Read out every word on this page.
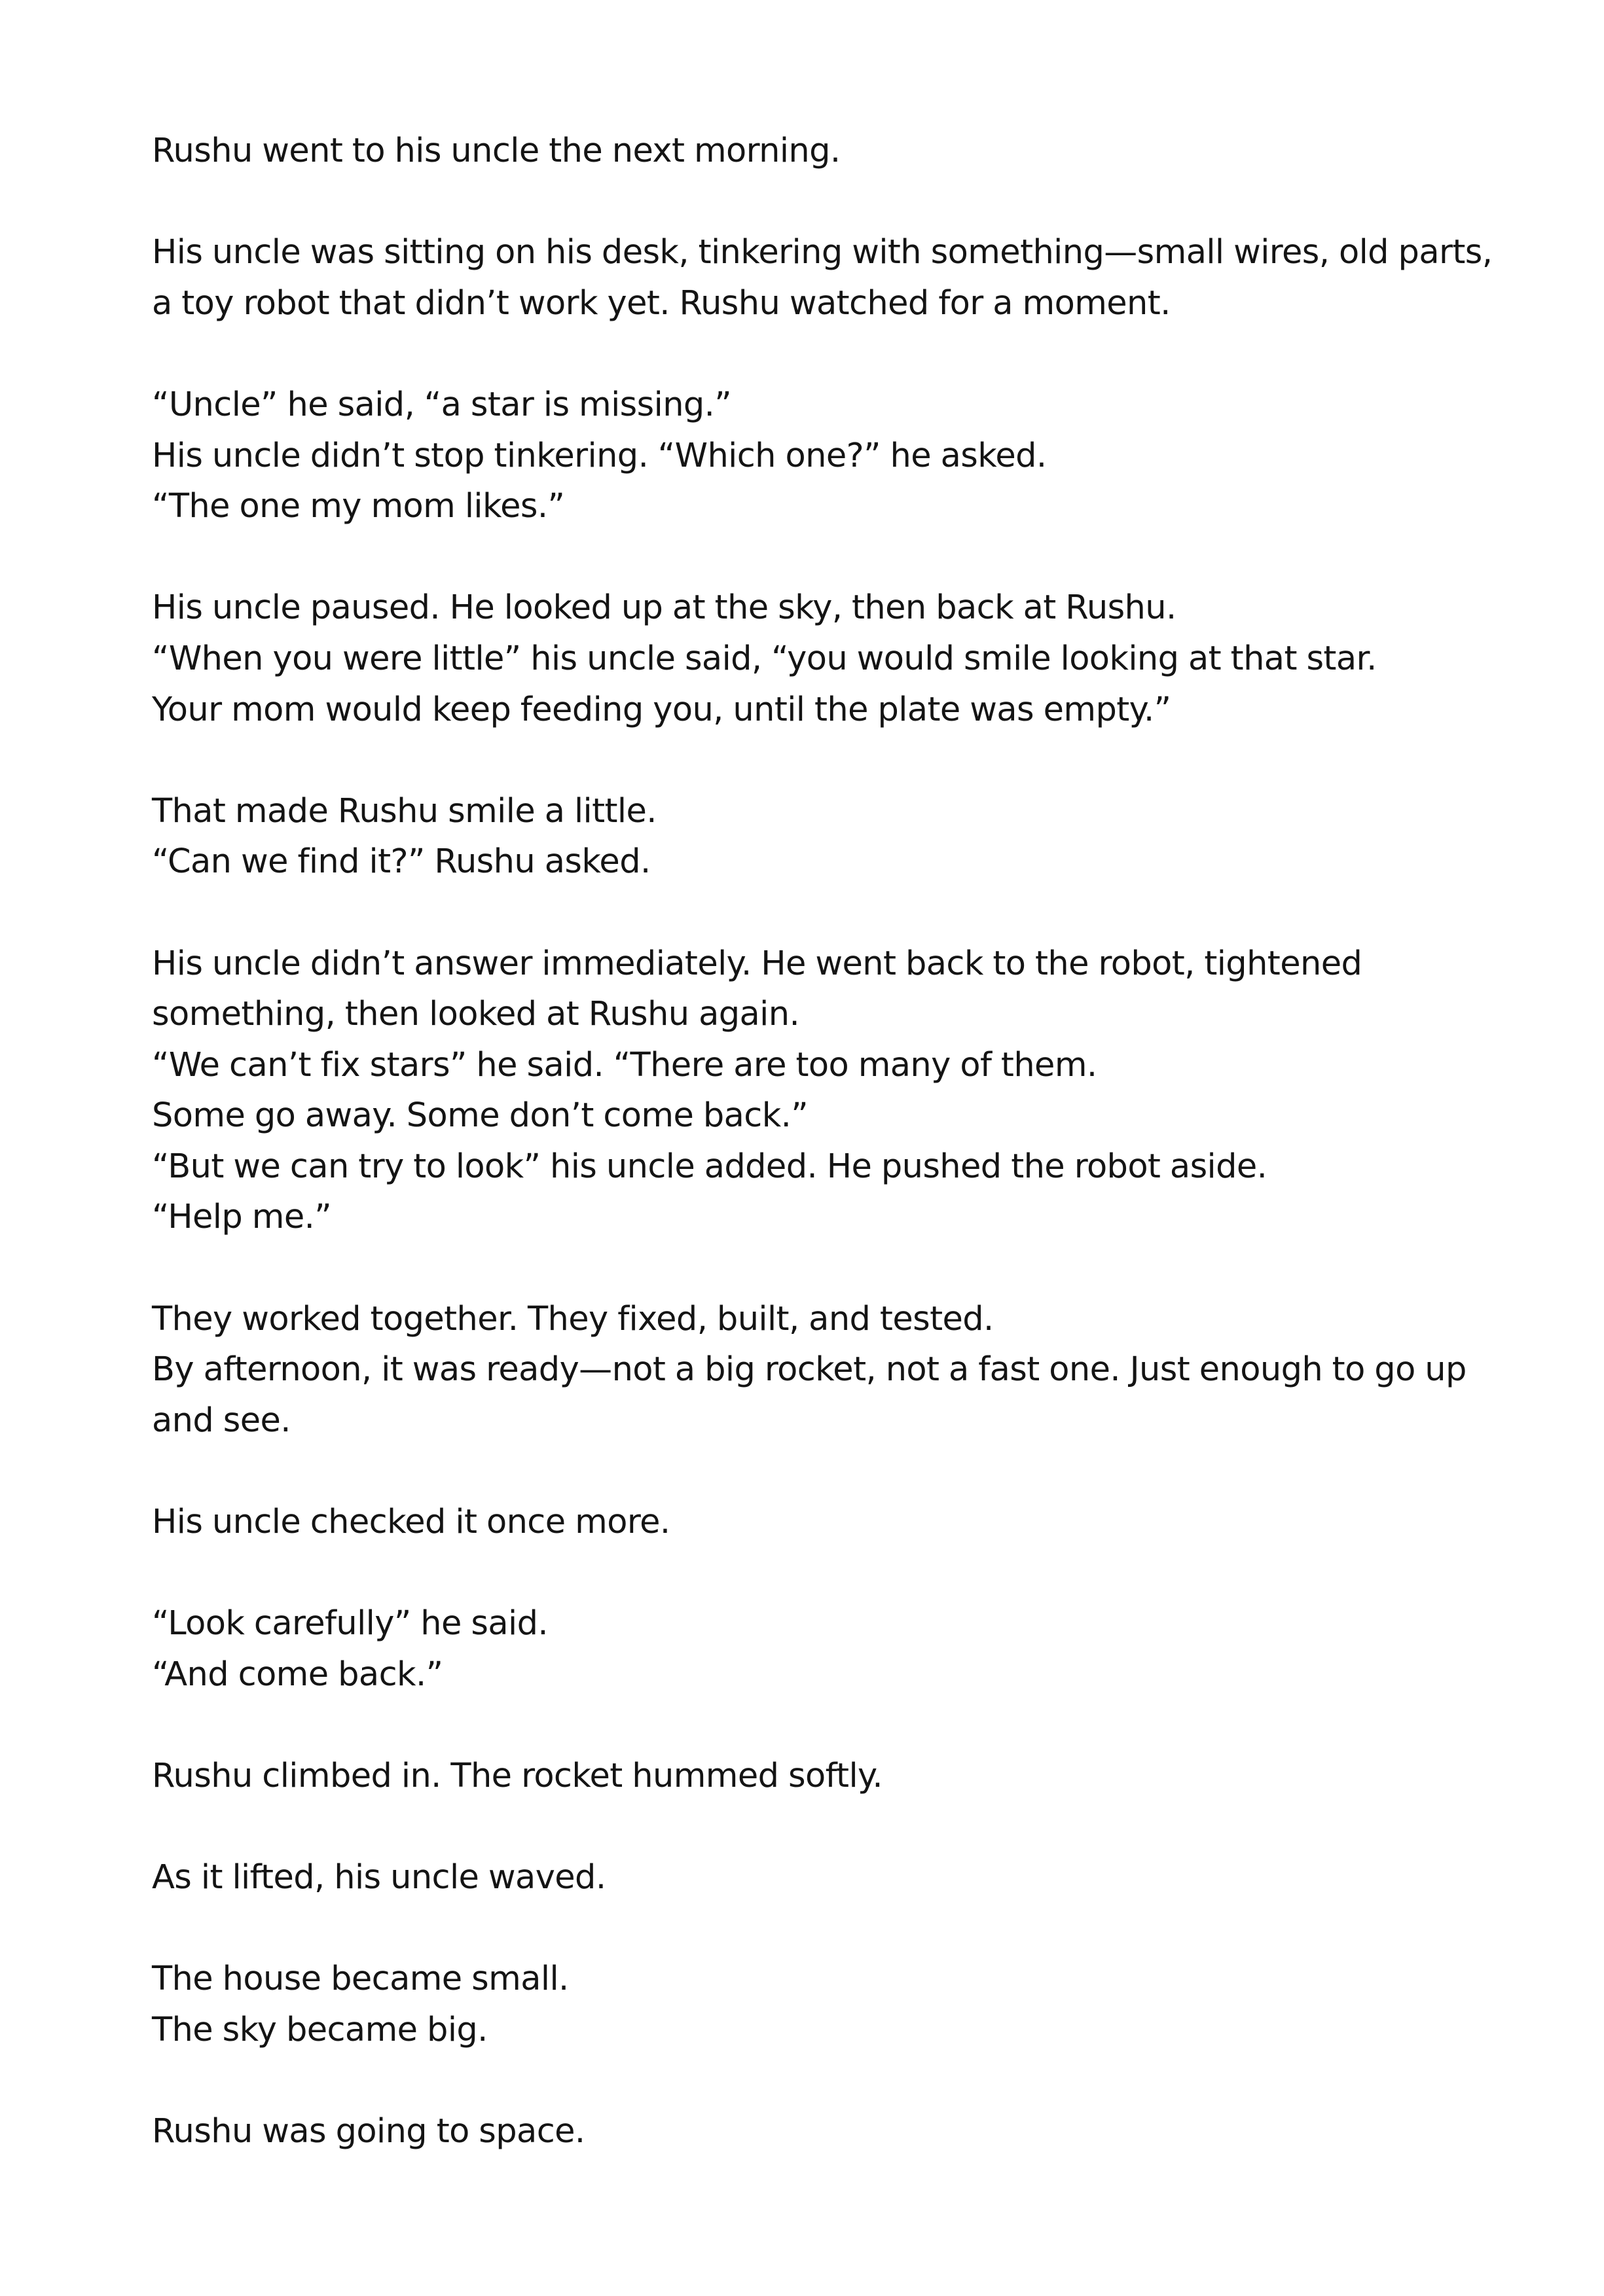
Rushu went to his uncle the next morning.

His uncle was sitting on his desk, tinkering with something—small wires, old parts,
a toy robot that didn’t work yet. Rushu watched for a moment.

“Uncle” he said, “a star is missing.”
His uncle didn’t stop tinkering. “Which one?” he asked.
“The one my mom likes.”

His uncle paused. He looked up at the sky, then back at Rushu.
“When you were little” his uncle said, “you would smile looking at that star.
Your mom would keep feeding you, until the plate was empty.”

That made Rushu smile a little.
“Can we find it?” Rushu asked.

His uncle didn’t answer immediately. He went back to the robot, tightened
something, then looked at Rushu again.
“We can’t fix stars” he said. “There are too many of them.
Some go away. Some don’t come back.”
“But we can try to look” his uncle added. He pushed the robot aside.
“Help me.”

They worked together. They fixed, built, and tested.
By afternoon, it was ready—not a big rocket, not a fast one. Just enough to go up
and see.

His uncle checked it once more.

“Look carefully” he said.
“And come back.”

Rushu climbed in. The rocket hummed softly.

As it lifted, his uncle waved.

The house became small.
The sky became big.

Rushu was going to space.
